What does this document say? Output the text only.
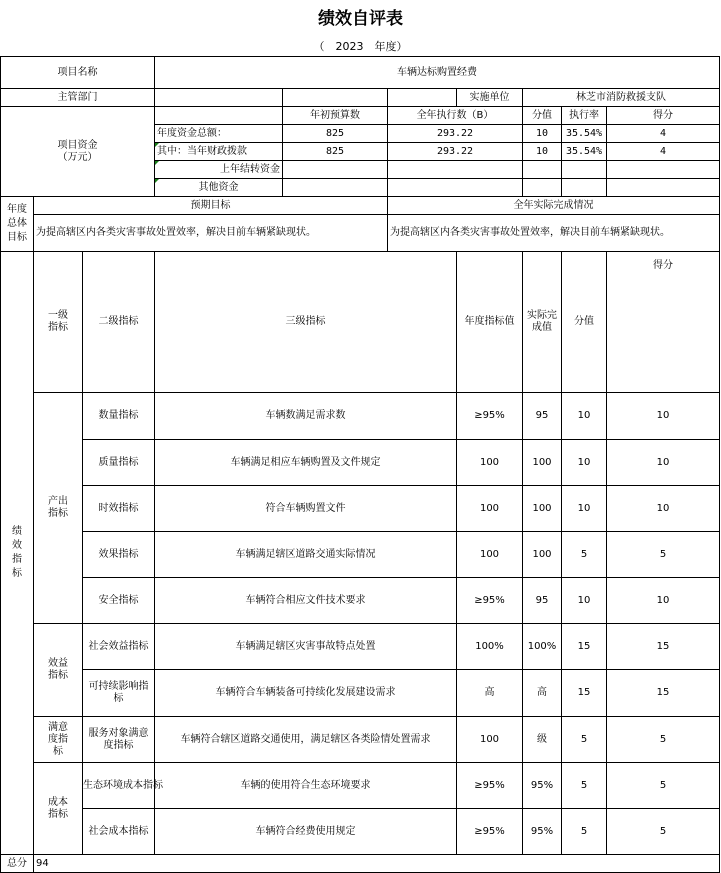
绩效自评表
（　2023　年度）
项目名称			车辆达标购置经费							
主管部门						实施单位	林芝市消防救援支队			
项目资金
（万元）				年初预算数	全年执行数（B）		分值	执行率	得分	
			年度资金总额：	825	293.22		10	35.54%	4	
			其中：当年财政拨款	825	293.22		10	35.54%	4	
			上年结转资金							
			其他资金							
年度总体目标	预期目标				全年实际完成情况					
	为提高辖区内各类灾害事故处置效率，解决目前车辆紧缺现状。				为提高辖区内各类灾害事故处置效率，解决目前车辆紧缺现状。					
绩效指标	一级指标	二级指标	三级指标			年度指标值	实际完成值	分值	得分	
	产出指标	数量指标	车辆数满足需求数			≥95%	95	10	10	
		质量指标	车辆满足相应车辆购置及文件规定			100	100	10	10	
		时效指标	符合车辆购置文件			100	100	10	10	
		效果指标	车辆满足辖区道路交通实际情况			100	100	5	5	
		安全指标	车辆符合相应文件技术要求			≥95%	95	10	10	
	效益指标	社会效益指标	车辆满足辖区灾害事故特点处置			100%	100%	15	15	
		可持续影响指标	车辆符合车辆装备可持续化发展建设需求			高	高	15	15	
	满意度指标	服务对象满意度指标	车辆符合辖区道路交通使用，满足辖区各类险情处置需求			100	级	5	5	
	成本指标	生态环境成本指标	车辆的使用符合生态环境要求			≥95%	95%	5	5	
		社会成本指标	车辆符合经费使用规定			≥95%	95%	5	5	
总分	94									
